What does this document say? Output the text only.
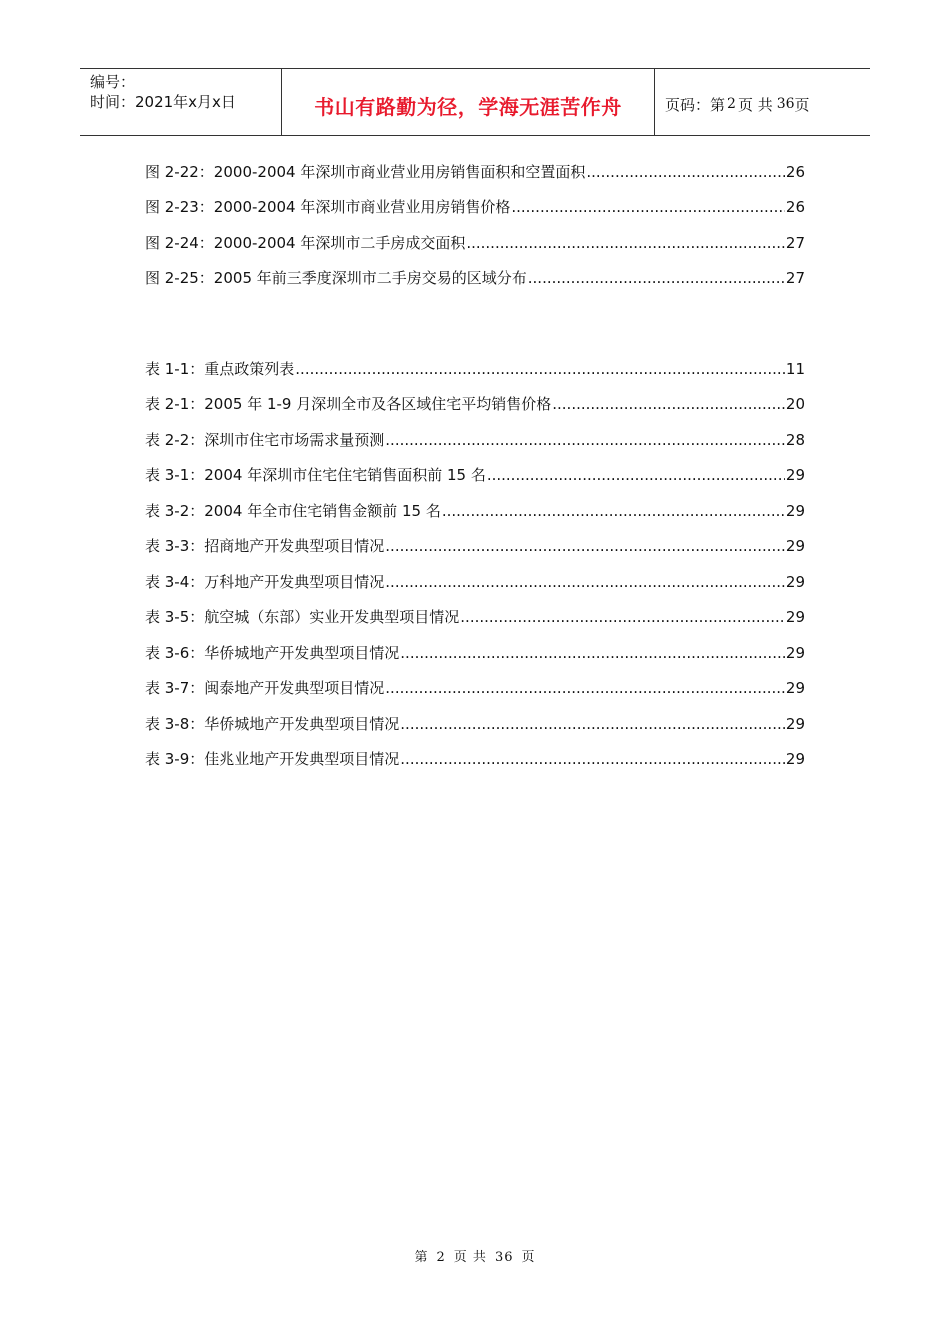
编号：
时间：2021年x月x日	书山有路勤为径，学海无涯苦作舟	页码：第 2 页 共 36 页
图 2-22：2000-2004 年深圳市商业营业用房销售面积和空置面积 .....	26
图 2-23：2000-2004 年深圳市商业营业用房销售价格 .....	26
图 2-24：2000-2004 年深圳市二手房成交面积 .....	27
图 2-25：2005 年前三季度深圳市二手房交易的区域分布 .....	27
表 1-1：重点政策列表 .....	11
表 2-1：2005 年 1-9 月深圳全市及各区域住宅平均销售价格 .....	20
表 2-2：深圳市住宅市场需求量预测 .....	28
表 3-1：2004 年深圳市住宅住宅销售面积前 15 名 .....	29
表 3-2：2004 年全市住宅销售金额前 15 名 .....	29
表 3-3：招商地产开发典型项目情况 .....	29
表 3-4：万科地产开发典型项目情况 .....	29
表 3-5：航空城（东部）实业开发典型项目情况 .....	29
表 3-6：华侨城地产开发典型项目情况 .....	29
表 3-7：闽泰地产开发典型项目情况 .....	29
表 3-8：华侨城地产开发典型项目情况 .....	29
表 3-9：佳兆业地产开发典型项目情况 .....	29
第 2 页 共 36 页
